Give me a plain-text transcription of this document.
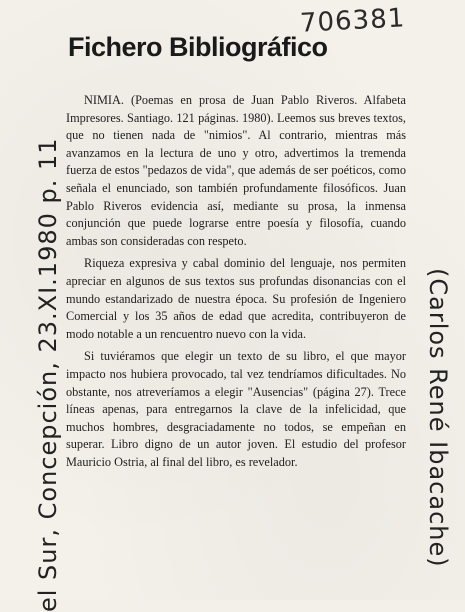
706381
Fichero Bibliográfico
el Sur, Concepción, 23.XI.1980 p. 11	(Carlos René Ibacache)

NIMIA. (Poemas en prosa de Juan Pablo Riveros. Alfabeta Impresores. Santiago. 121 páginas. 1980). Leemos sus breves textos, que no tienen nada de "nimios". Al contrario, mientras más avanzamos en la lectura de uno y otro, advertimos la tremenda fuerza de estos "pedazos de vida", que además de ser poéticos, como señala el enunciado, son también profundamente filosóficos. Juan Pablo Riveros evidencia así, mediante su prosa, la inmensa conjunción que puede lograrse entre poesía y filosofía, cuando ambas son consideradas con respeto.

Riqueza expresiva y cabal dominio del lenguaje, nos permiten apreciar en algunos de sus textos sus profundas disonancias con el mundo estandarizado de nuestra época. Su profesión de Ingeniero Comercial y los 35 años de edad que acredita, contribuyeron de modo notable a un rencuentro nuevo con la vida.

Si tuviéramos que elegir un texto de su libro, el que mayor impacto nos hubiera provocado, tal vez tendríamos dificultades. No obstante, nos atreveríamos a elegir "Ausencias" (página 27). Trece líneas apenas, para entregarnos la clave de la infelicidad, que muchos hombres, desgraciadamente no todos, se empeñan en superar. Libro digno de un autor joven. El estudio del profesor Mauricio Ostria, al final del libro, es revelador.
